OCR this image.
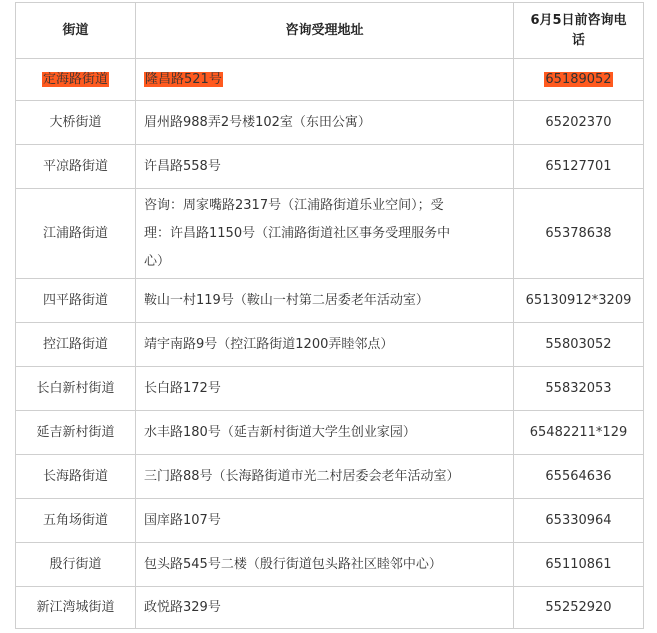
街道	咨询受理地址	6月5日前咨询电
话
定海路街道	隆昌路521号	65189052
大桥街道	眉州路988弄2号楼102室（东田公寓）	65202370
平凉路街道	许昌路558号	65127701
江浦路街道	咨询：周家嘴路2317号（江浦路街道乐业空间）；受
理：许昌路1150号（江浦路街道社区事务受理服务中
心）	65378638
四平路街道	鞍山一村119号（鞍山一村第二居委老年活动室）	65130912*3209
控江路街道	靖宇南路9号（控江路街道1200弄睦邻点）	55803052
长白新村街道	长白路172号	55832053
延吉新村街道	水丰路180号（延吉新村街道大学生创业家园）	65482211*129
长海路街道	三门路88号（长海路街道市光二村居委会老年活动室）	65564636
五角场街道	国庠路107号	65330964
殷行街道	包头路545号二楼（殷行街道包头路社区睦邻中心）	65110861
新江湾城街道	政悦路329号	55252920
